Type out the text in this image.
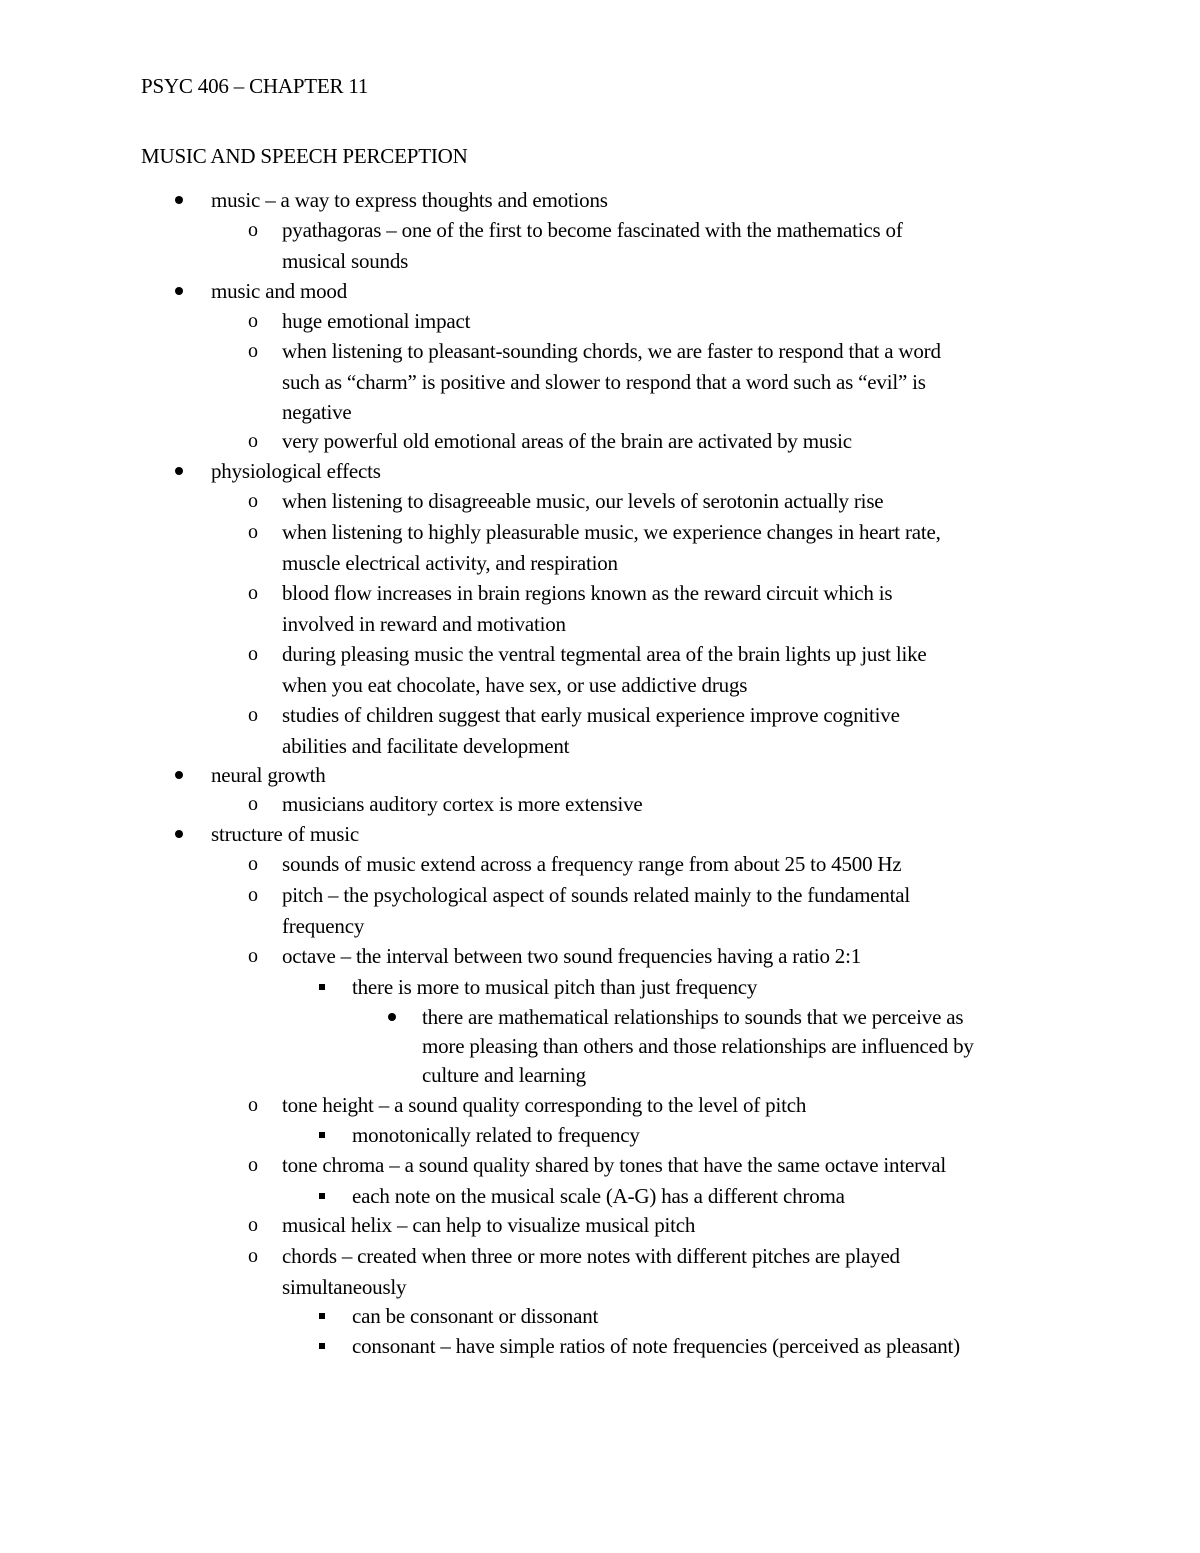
PSYC 406 – CHAPTER 11
MUSIC AND SPEECH PERCEPTION
music – a way to express thoughts and emotions
o pyathagoras – one of the first to become fascinated with the mathematics of
musical sounds
music and mood
o huge emotional impact
o when listening to pleasant-sounding chords, we are faster to respond that a word
such as “charm” is positive and slower to respond that a word such as “evil” is
negative
o very powerful old emotional areas of the brain are activated by music
physiological effects
o when listening to disagreeable music, our levels of serotonin actually rise
o when listening to highly pleasurable music, we experience changes in heart rate,
muscle electrical activity, and respiration
o blood flow increases in brain regions known as the reward circuit which is
involved in reward and motivation
o during pleasing music the ventral tegmental area of the brain lights up just like
when you eat chocolate, have sex, or use addictive drugs
o studies of children suggest that early musical experience improve cognitive
abilities and facilitate development
neural growth
o musicians auditory cortex is more extensive
structure of music
o sounds of music extend across a frequency range from about 25 to 4500 Hz
o pitch – the psychological aspect of sounds related mainly to the fundamental
frequency
o octave – the interval between two sound frequencies having a ratio 2:1
there is more to musical pitch than just frequency
there are mathematical relationships to sounds that we perceive as
more pleasing than others and those relationships are influenced by
culture and learning
o tone height – a sound quality corresponding to the level of pitch
monotonically related to frequency
o tone chroma – a sound quality shared by tones that have the same octave interval
each note on the musical scale (A-G) has a different chroma
o musical helix – can help to visualize musical pitch
o chords – created when three or more notes with different pitches are played
simultaneously
can be consonant or dissonant
consonant – have simple ratios of note frequencies (perceived as pleasant)
